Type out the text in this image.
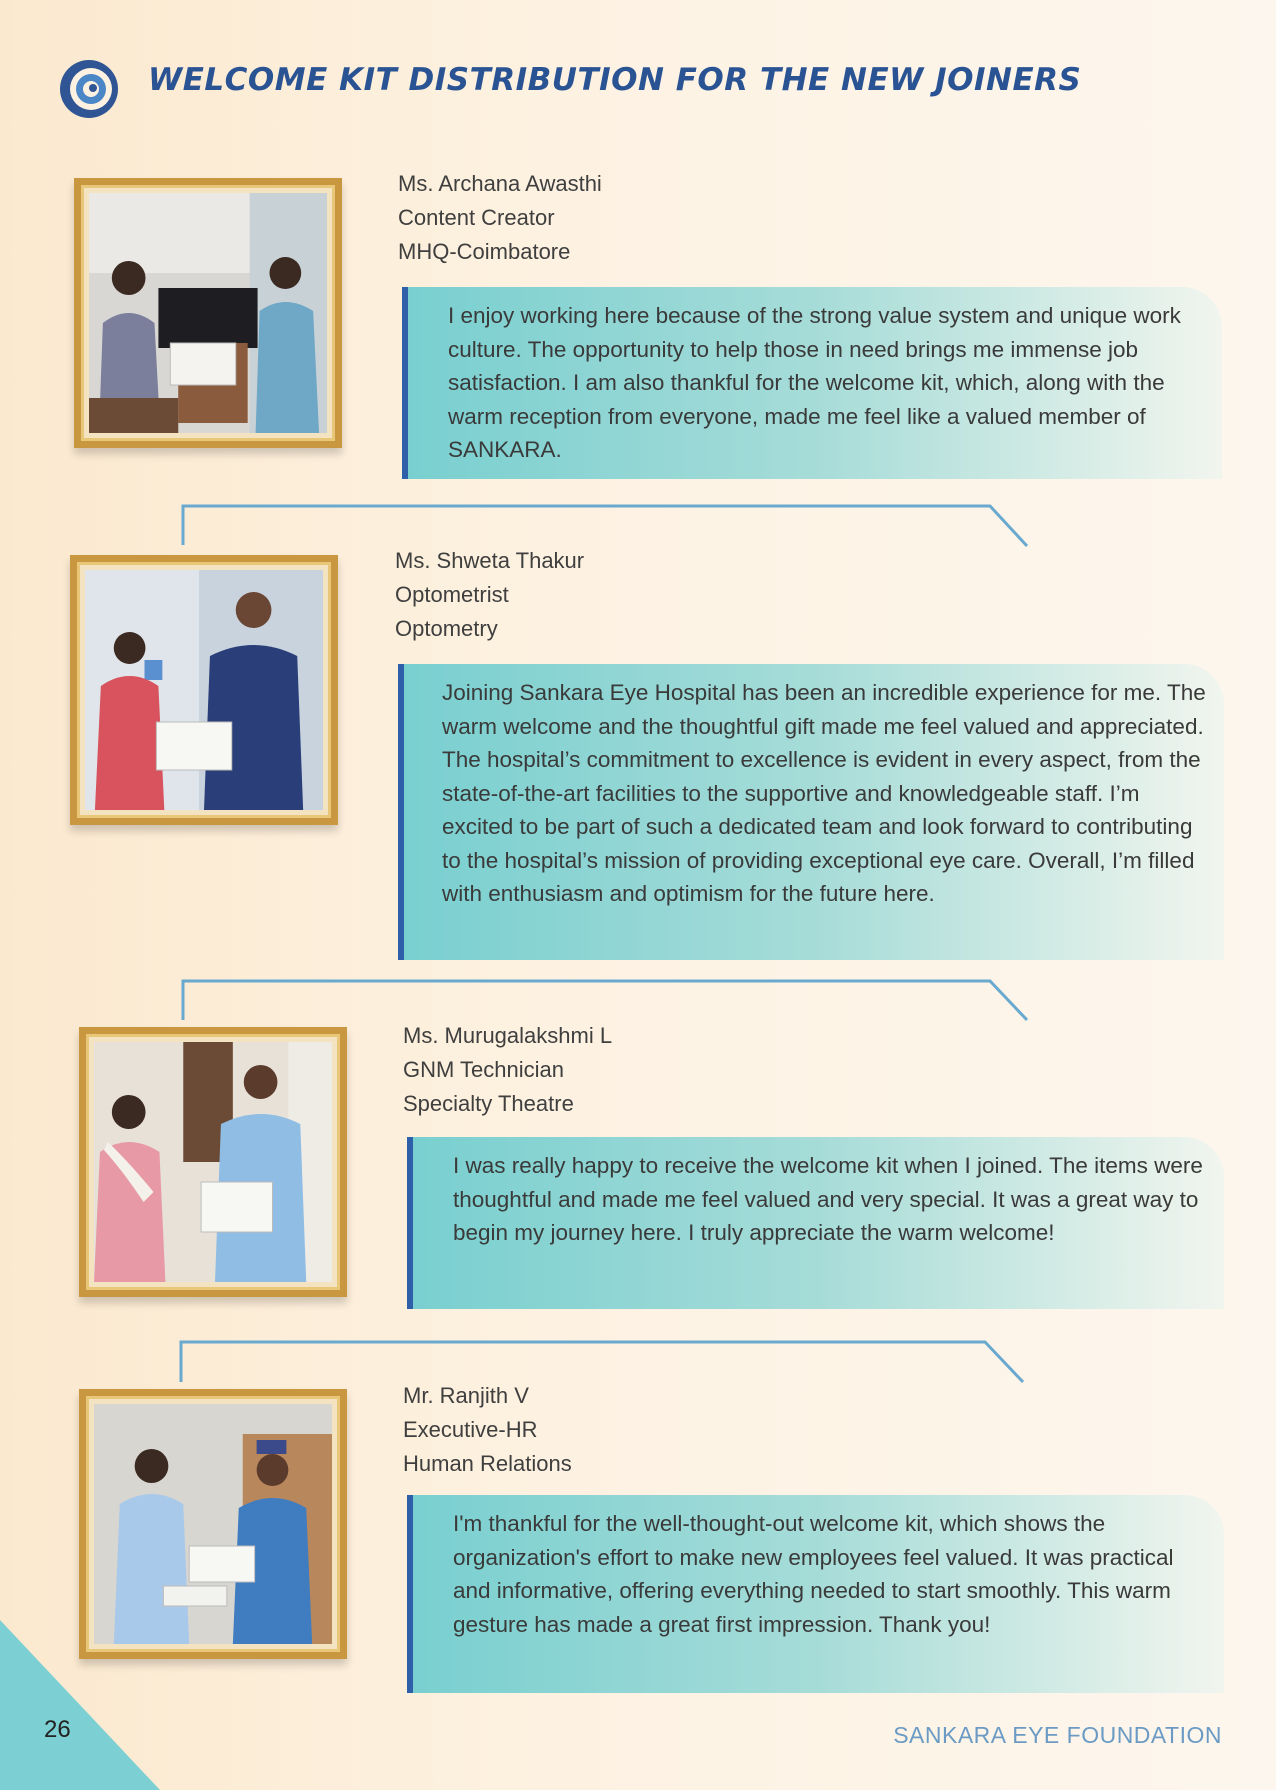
WELCOME KIT DISTRIBUTION FOR THE NEW JOINERS
Ms. Archana Awasthi
Content Creator
MHQ-Coimbatore
I enjoy working here because of the strong value system and unique work culture. The opportunity to help those in need brings me immense job satisfaction. I am also thankful for the welcome kit, which, along with the warm reception from everyone, made me feel like a valued member of SANKARA.
Ms. Shweta Thakur
Optometrist
Optometry
Joining Sankara Eye Hospital has been an incredible experience for me. The warm welcome and the thoughtful gift made me feel valued and appreciated. The hospital’s commitment to excellence is evident in every aspect, from the state-of-the-art facilities to the supportive and knowledgeable staff. I’m excited to be part of such a dedicated team and look forward to contributing to the hospital’s mission of providing exceptional eye care. Overall, I’m filled with enthusiasm and optimism for the future here.
Ms. Murugalakshmi L
GNM Technician
Specialty Theatre
I was really happy to receive the welcome kit when I joined. The items were thoughtful and made me feel valued and very special. It was a great way to begin my journey here. I truly appreciate the warm welcome!
Mr. Ranjith V
Executive-HR
Human Relations
I'm thankful for the well-thought-out welcome kit, which shows the organization's effort to make new employees feel valued. It was practical and informative, offering everything needed to start smoothly. This warm gesture has made a great first impression. Thank you!
26	SANKARA EYE FOUNDATION
